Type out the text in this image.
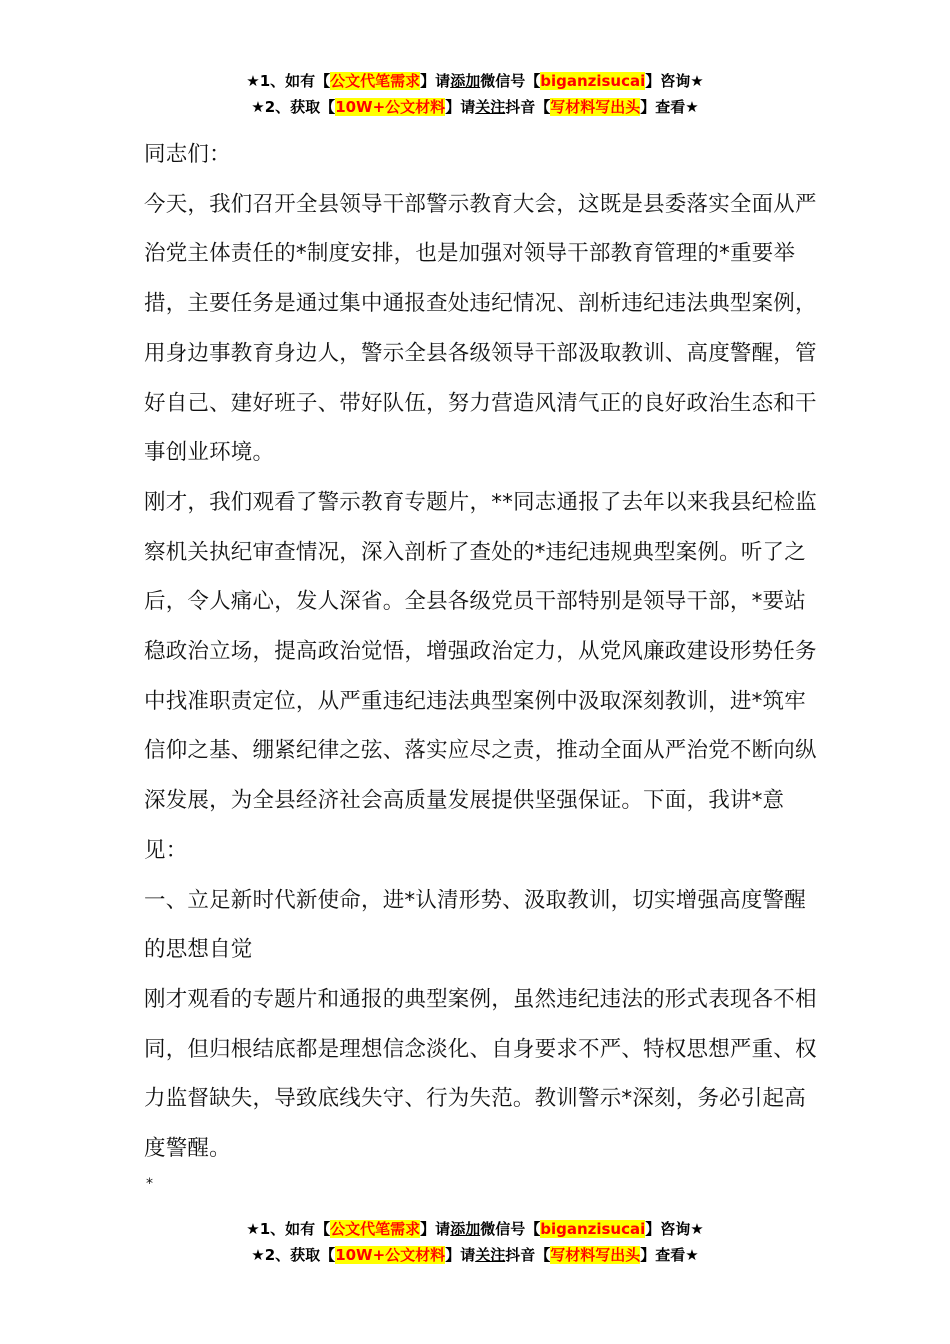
★1、如有【公文代笔需求】请添加微信号【biganzisucai】咨询★
★2、获取【10W+公文材料】请关注抖音【写材料写出头】查看★

同志们：

今天，我们召开全县领导干部警示教育大会，这既是县委落实全面从严治党主体责任的*制度安排，也是加强对领导干部教育管理的*重要举措，主要任务是通过集中通报查处违纪情况、剖析违纪违法典型案例，用身边事教育身边人，警示全县各级领导干部汲取教训、高度警醒，管好自己、建好班子、带好队伍，努力营造风清气正的良好政治生态和干事创业环境。

刚才，我们观看了警示教育专题片，**同志通报了去年以来我县纪检监察机关执纪审查情况，深入剖析了查处的*违纪违规典型案例。听了之后，令人痛心，发人深省。全县各级党员干部特别是领导干部，*要站稳政治立场，提高政治觉悟，增强政治定力，从党风廉政建设形势任务中找准职责定位，从严重违纪违法典型案例中汲取深刻教训，进*筑牢信仰之基、绷紧纪律之弦、落实应尽之责，推动全面从严治党不断向纵深发展，为全县经济社会高质量发展提供坚强保证。下面，我讲*意见：

一、立足新时代新使命，进*认清形势、汲取教训，切实增强高度警醒的思想自觉

刚才观看的专题片和通报的典型案例，虽然违纪违法的形式表现各不相同，但归根结底都是理想信念淡化、自身要求不严、特权思想严重、权力监督缺失，导致底线失守、行为失范。教训警示*深刻，务必引起高度警醒。

*
★1、如有【公文代笔需求】请添加微信号【biganzisucai】咨询★
★2、获取【10W+公文材料】请关注抖音【写材料写出头】查看★
